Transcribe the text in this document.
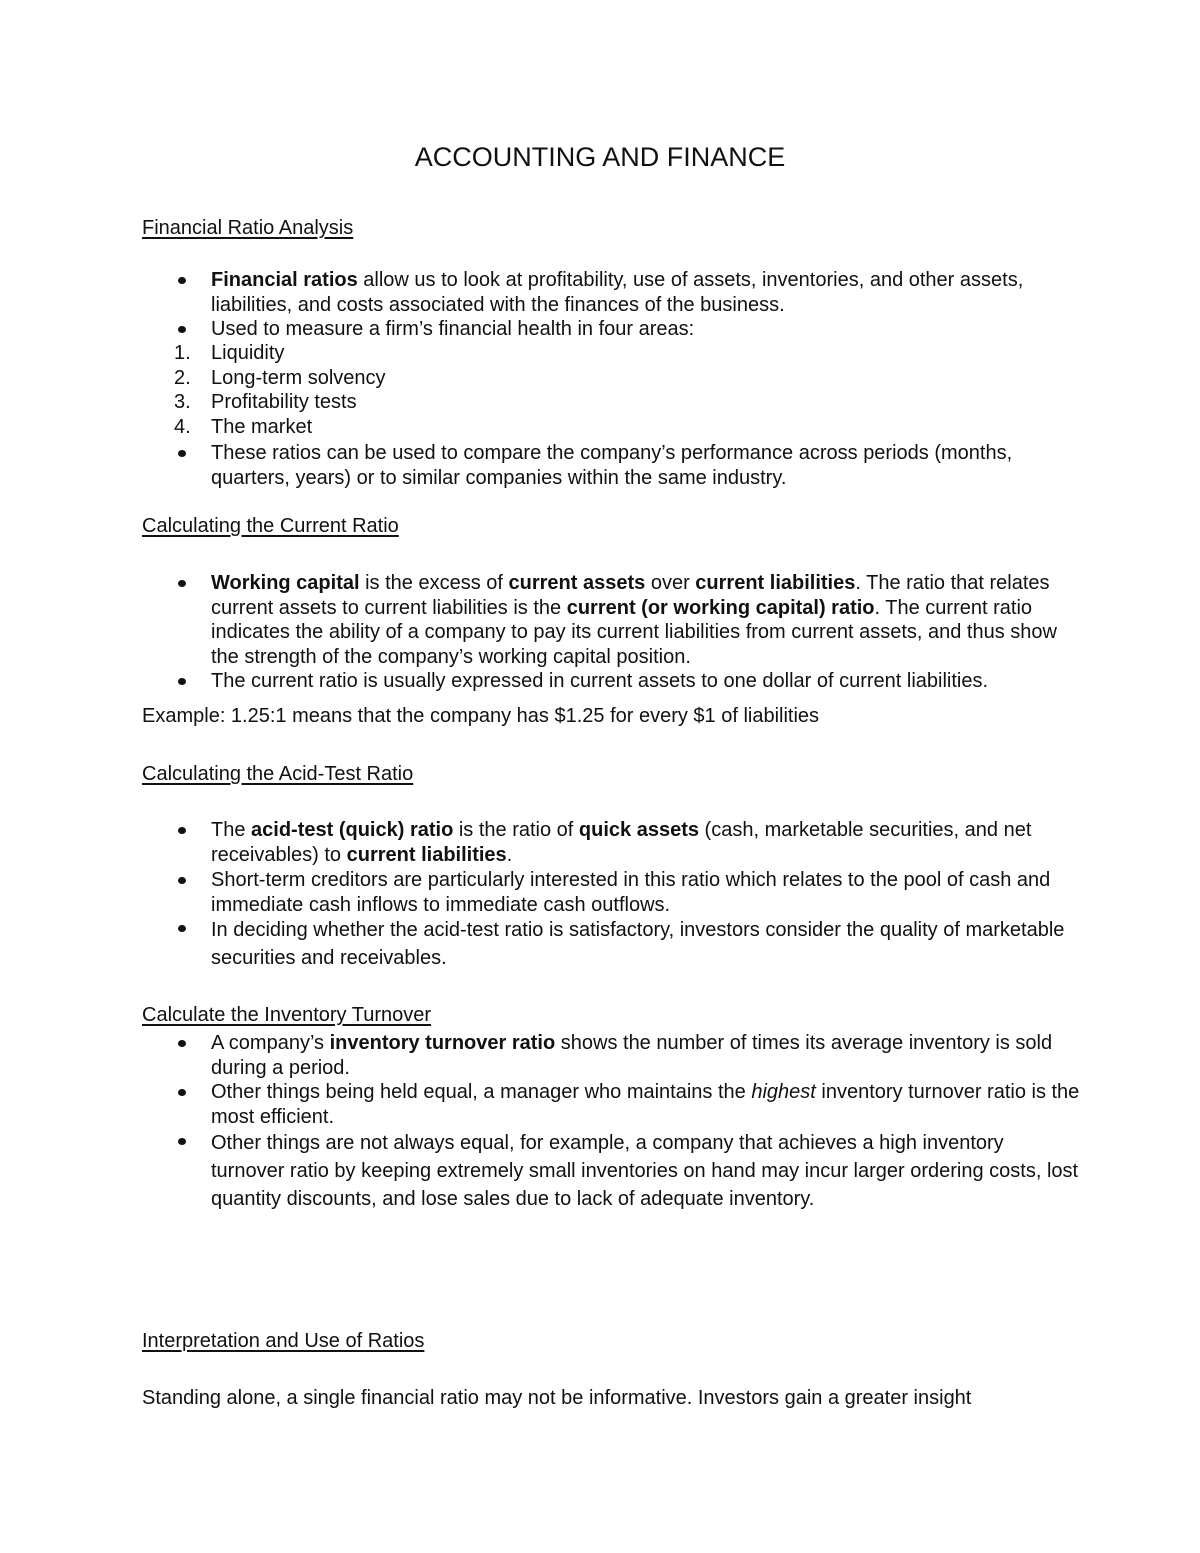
ACCOUNTING AND FINANCE
Financial Ratio Analysis
Financial ratios allow us to look at profitability, use of assets, inventories, and other assets, liabilities, and costs associated with the finances of the business.
Used to measure a firm’s financial health in four areas:
1.	Liquidity
2.	Long-term solvency
3.	Profitability tests
4.	The market
These ratios can be used to compare the company’s performance across periods (months, quarters, years) or to similar companies within the same industry.
Calculating the Current Ratio
Working capital is the excess of current assets over current liabilities. The ratio that relates current assets to current liabilities is the current (or working capital) ratio. The current ratio indicates the ability of a company to pay its current liabilities from current assets, and thus show the strength of the company’s working capital position.
The current ratio is usually expressed in current assets to one dollar of current liabilities.
Example: 1.25:1 means that the company has $1.25 for every $1 of liabilities
Calculating the Acid-Test Ratio
The acid-test (quick) ratio is the ratio of quick assets (cash, marketable securities, and net receivables) to current liabilities.
Short-term creditors are particularly interested in this ratio which relates to the pool of cash and immediate cash inflows to immediate cash outflows.
In deciding whether the acid-test ratio is satisfactory, investors consider the quality of marketable securities and receivables.
Calculate the Inventory Turnover
A company’s inventory turnover ratio shows the number of times its average inventory is sold during a period.
Other things being held equal, a manager who maintains the highest inventory turnover ratio is the most efficient.
Other things are not always equal, for example, a company that achieves a high inventory turnover ratio by keeping extremely small inventories on hand may incur larger ordering costs, lost quantity discounts, and lose sales due to lack of adequate inventory.
Interpretation and Use of Ratios
Standing alone, a single financial ratio may not be informative. Investors gain a greater insight
